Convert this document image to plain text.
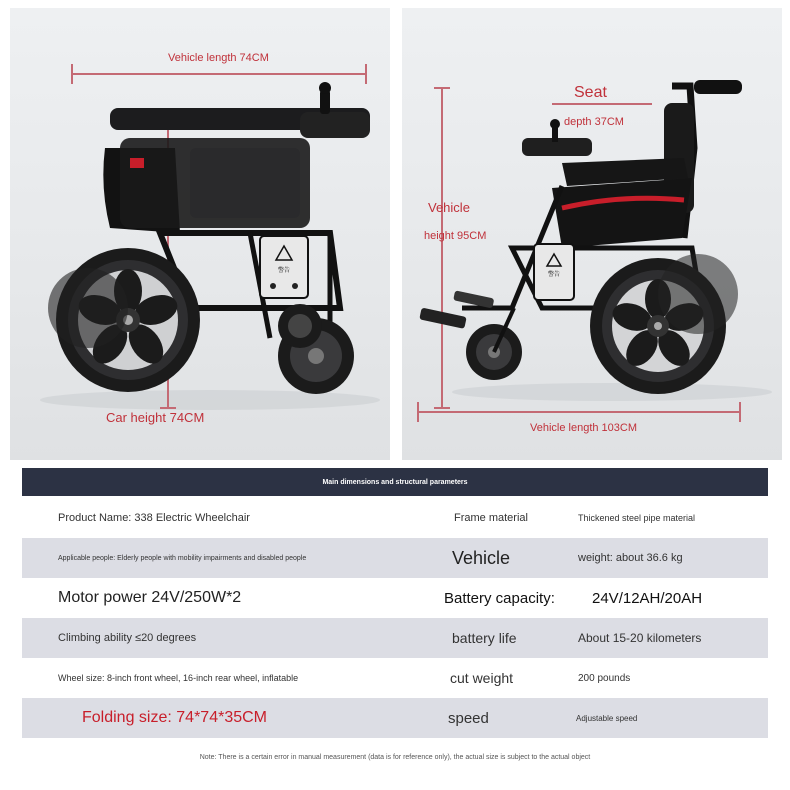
警告
Vehicle length 74CM
Car height 74CM
警告
Seat
depth 37CM
Vehicle
height 95CM
Vehicle length 103CM
Main dimensions and structural parameters
Product Name: 338 Electric Wheelchair	Frame material	Thickened steel pipe material
Applicable people: Elderly people with mobility impairments and disabled people	Vehicle	weight: about 36.6 kg
Motor power 24V/250W*2	Battery capacity: 24V/12AH/20AH
Climbing ability ≤20 degrees	battery life	About 15-20 kilometers
Wheel size: 8-inch front wheel, 16-inch rear wheel, inflatable	cut weight	200 pounds
Folding size: 74*74*35CM	speed	Adjustable speed
Note: There is a certain error in manual measurement (data is for reference only), the actual size is subject to the actual object
